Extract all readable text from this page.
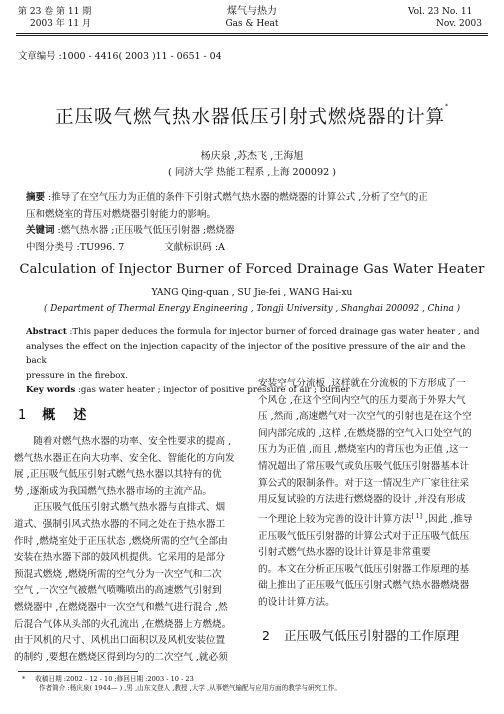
第 23 卷 第 11 期
2003 年 11 月
煤气与热力
Gas & Heat
Vol. 23 No. 11
Nov. 2003
文章编号 :1000 - 4416( 2003 )11 - 0651 - 04
正压吸气燃气热水器低压引射式燃烧器的计算*
杨庆泉 ,苏杰飞 ,王海旭
( 同济大学 热能工程系 ,上海 200092 )
摘要 :推导了在空气压力为正值的条件下引射式燃气热水器的燃烧器的计算公式 ,分析了空气的正
压和燃烧室的背压对燃烧器引射能力的影响。
关键词 :燃气热水器 ;正压吸气低压引射器 ;燃烧器
中图分类号 :TU996. 7	文献标识码 :A
Calculation of Injector Burner of Forced Drainage Gas Water Heater
YANG Qing-quan , SU Jie-fei , WANG Hai-xu
( Department of Thermal Energy Engineering , Tongji University , Shanghai 200092 , China )
Abstract :This paper deduces the formula for injector burner of forced drainage gas water heater , and
analyses the effect on the injection capacity of the injector of the positive pressure of the air and the back
pressure in the firebox.
Key words :gas water heater ; injector of positive pressure of air ; burner
1 概    述
随着对燃气热水器的功率、安全性要求的提高 ,
燃气热水器正在向大功率、安全化、智能化的方向发
展 ,正压吸气低压引射式燃气热水器以其特有的优
势 ,逐渐成为我国燃气热水器市场的主流产品。
正压吸气低压引射式燃气热水器与直排式、烟
道式、强制引风式热水器的不同之处在于热水器工
作时 ,燃烧室处于正压状态 ,燃烧所需的空气全部由
安装在热水器下部的鼓风机提供。它采用的是部分
预混式燃烧 ,燃烧所需的空气分为一次空气和二次
空气 ,一次空气被燃气喷嘴喷出的高速燃气引射到
燃烧器中 ,在燃烧器中一次空气和燃气进行混合 ,然
后混合气体从头部的火孔流出 ,在燃烧器上方燃烧。
由于风机的尺寸、风机出口面积以及风机安装位置
的制约 ,要想在燃烧区得到均匀的二次空气 ,就必须
安装空气分流板 ,这样就在分流板的下方形成了一
个风仓 ,在这个空间内空气的压力要高于外界大气
压 ,然而 ,高速燃气对一次空气的引射也是在这个空
间内部完成的 ,这样 ,在燃烧器的空气入口处空气的
压力为正值 ,而且 ,燃烧室内的背压也为正值 ,这一
情况超出了常压吸气或负压吸气低压引射器基本计
算公式的限制条件。对于这一情况生产厂家往往采
用反复试验的方法进行燃烧器的设计 ,并没有形成
一个理论上较为完善的设计计算方法[ 1] ,因此 ,推导
正压吸气低压引射器的计算公式对于正压吸气低压
引射式燃气热水器的设计计算是非常重要
的。本文在分析正压吸气低压引射器工作原理的基
础上推出了正压吸气低压引射式燃气热水器燃烧器
的设计计算方法。
2 正压吸气低压引射器的工作原理
* 收稿日期 :2002 - 12 - 10 ;修回日期 :2003 - 10 - 23
作者简介 :杨庆泉( 1944— ) ,男 ,山东文登人 ,教授 ,大学 ,从事燃气输配与应用方面的教学与研究工作。
